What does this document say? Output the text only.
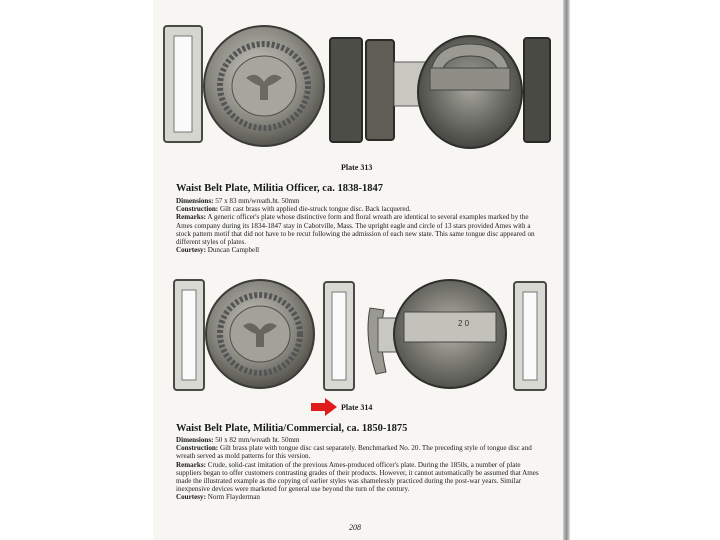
Plate 313
Waist Belt Plate, Militia Officer, ca. 1838-1847

Dimensions: 57 x 83 mm/wreath.ht. 50mm

Construction: Gilt cast brass with applied die-struck tongue disc. Back lacquered.

Remarks: A generic officer's plate whose distinctive form and floral wreath are identical to several examples marked by the Ames company during its 1834-1847 stay in Cabotville, Mass. The upright eagle and circle of 13 stars provided Ames with a stock pattern motif that did not have to be recut following the admission of each new state. This same tongue disc appeared on different styles of plates.

Courtesy: Duncan Campbell

2 0
Plate 314
Waist Belt Plate, Militia/Commercial, ca. 1850-1875

Dimensions: 50 x 82 mm/wreath ht. 50mm

Construction: Gilt brass plate with tongue disc cast separately. Benchmarked No. 20. The preceding style of tongue disc and wreath served as mold patterns for this version.

Remarks: Crude, solid-cast imitation of the previous Ames-produced officer's plate. During the 1850s, a number of plate suppliers began to offer customers contrasting grades of their products. However, it cannot automatically be assumed that Ames made the illustrated example as the copying of earlier styles was shamelessly practiced during the post-war years. Similar inexpensive devices were marketed for general use beyond the turn of the century.

Courtesy: Norm Flayderman

208
